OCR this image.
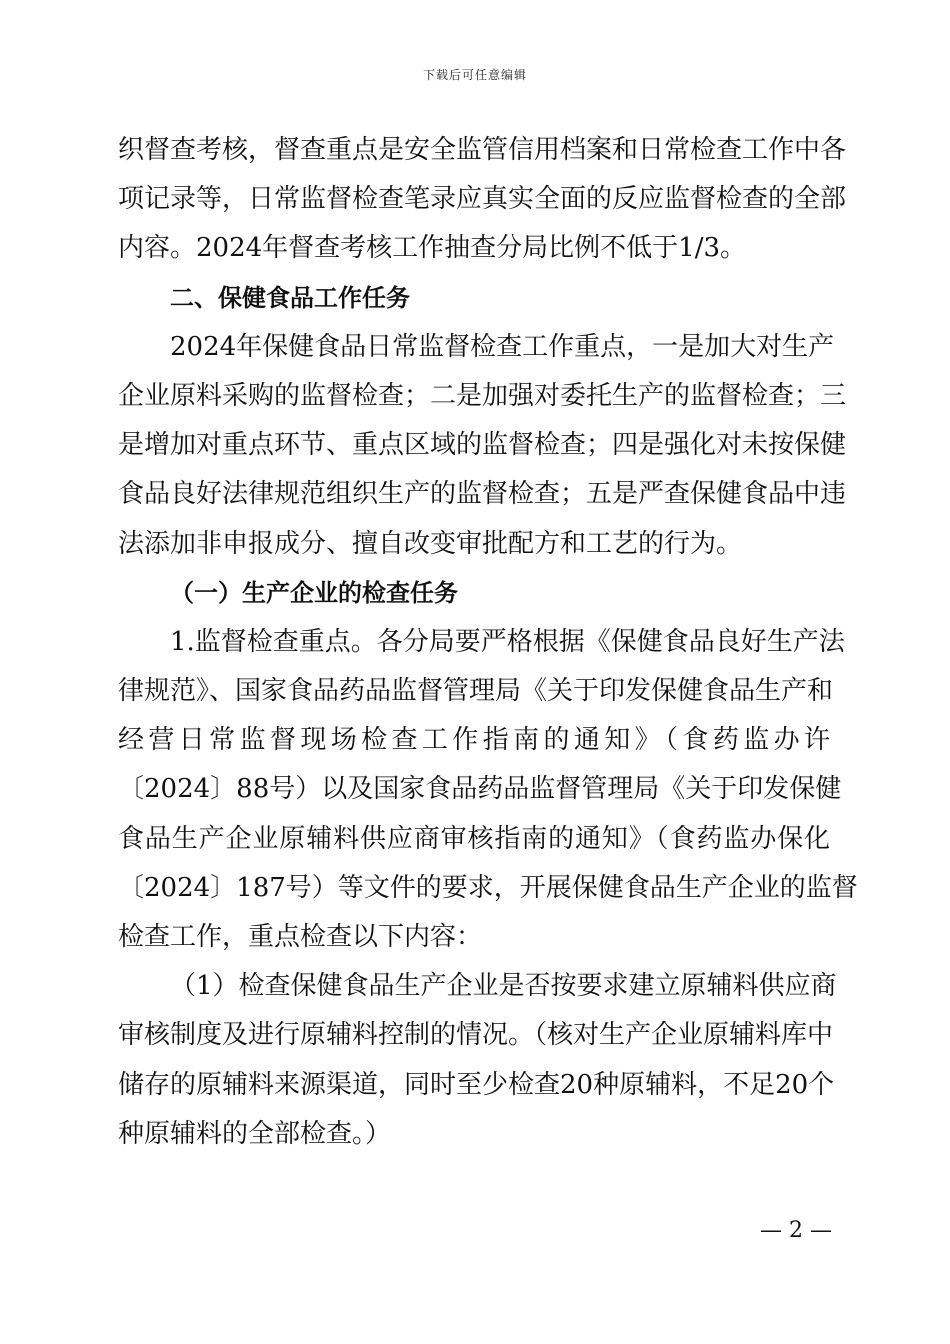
下载后可任意编辑
织督查考核，督查重点是安全监管信用档案和日常检查工作中各
项记录等，日常监督检查笔录应真实全面的反应监督检查的全部
内容。2024年督查考核工作抽查分局比例不低于1/3。
二、保健食品工作任务
2024年保健食品日常监督检查工作重点，一是加大对生产
企业原料采购的监督检查；二是加强对委托生产的监督检查；三
是增加对重点环节、重点区域的监督检查；四是强化对未按保健
食品良好法律规范组织生产的监督检查；五是严查保健食品中违
法添加非申报成分、擅自改变审批配方和工艺的行为。
（一）生产企业的检查任务
1.监督检查重点。各分局要严格根据《保健食品良好生产法
律规范》、国家食品药品监督管理局《关于印发保健食品生产和
经营日常监督现场检查工作指南的通知》（食药监办许
〔2024〕88号）以及国家食品药品监督管理局《关于印发保健
食品生产企业原辅料供应商审核指南的通知》（食药监办保化
〔2024〕187号）等文件的要求，开展保健食品生产企业的监督
检查工作，重点检查以下内容：
（1）检查保健食品生产企业是否按要求建立原辅料供应商
审核制度及进行原辅料控制的情况。（核对生产企业原辅料库中
储存的原辅料来源渠道，同时至少检查20种原辅料，不足20个
种原辅料的全部检查。）
— 2 —
